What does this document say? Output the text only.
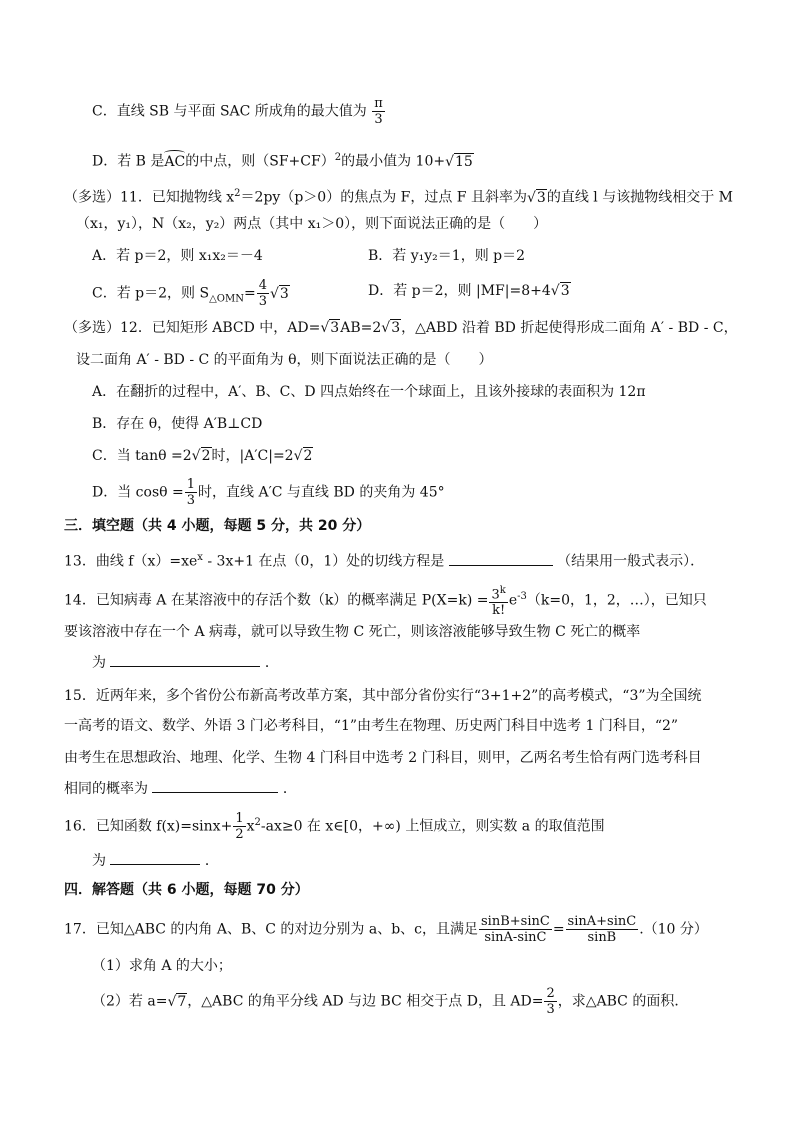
C．直线 SB 与平面 SAC 所成角的最大值为 $\frac{\pi}{3}$
D．若 B 是AC的中点，则$(SF+CF)^2$的最小值为 10+√15
（多选）11．已知抛物线 $x^2=2py(p>0)$的焦点为 F，过点 F 且斜率为√3的直线 l 与该抛物线相交于 M
（x₁，y₁），N（x₂，y₂）两点（其中 x₁＞0），则下面说法正确的是（　　）
A．若 p＝2，则 x₁x₂＝－4	B．若 y₁y₂＝1，则 p＝2
C．若 p＝2，则 $S_{\triangle OMN}= \frac{4}{3} √3$	D．若 p＝2，则 |MF|=8+4√3
（多选）12．已知矩形 ABCD 中，AD=√3AB=2√3，△ABD 沿着 BD 折起使得形成二面角 A′ - BD - C，
设二面角 A′ - BD - C 的平面角为 θ，则下面说法正确的是（　　）
A．在翻折的过程中，A′、B、C、D 四点始终在一个球面上，且该外接球的表面积为 12π
B．存在 θ，使得 A′B⊥CD
C．当 tanθ =2√2时，|A′C|=2√2
D．当 $\cos\theta = \frac{1}{3}$ 时，直线 A′C 与直线 BD 的夹角为 45°
三．填空题（共 4 小题，每题 5 分，共 20 分）
13．曲线 $f(x)=xe^x - 3x+1$ 在点（0，1）处的切线方程是	（结果用一般式表示）．
14．已知病毒 A 在某溶液中的存活个数（k）的概率满足 $P(X=k) = \frac{3^k}{k!} e^{-3}(k=0$，1，2，…），已知只
要该溶液中存在一个 A 病毒，就可以导致生物 C 死亡，则该溶液能够导致生物 C 死亡的概率
为	．
15．近两年来，多个省份公布新高考改革方案，其中部分省份实行“3+1+2”的高考模式，“3”为全国统
一高考的语文、数学、外语 3 门必考科目，“1”由考生在物理、历史两门科目中选考 1 门科目，“2”
由考生在思想政治、地理、化学、生物 4 门科目中选考 2 门科目，则甲，乙两名考生恰有两门选考科目
相同的概率为	．
16．已知函数 $f(x)=\sin x+ \frac{1}{2} x^2-ax\ge 0$ 在 x∈[0，+∞) 上恒成立，则实数 a 的取值范围
为	．
四．解答题（共 6 小题，每题 70 分）
17．已知△ABC 的内角 A、B、C 的对边分别为 a、b、c，且满足 $\frac{\sin B+\sin C}{\sin A-\sin C} = \frac{\sin A+\sin C}{\sin B} .(10$ 分）
（1）求角 A 的大小；
（2）若 a=√7，△ABC 的角平分线 AD 与边 BC 相交于点 D，且 $AD= \frac{2}{3}$ ，求△ABC 的面积．
